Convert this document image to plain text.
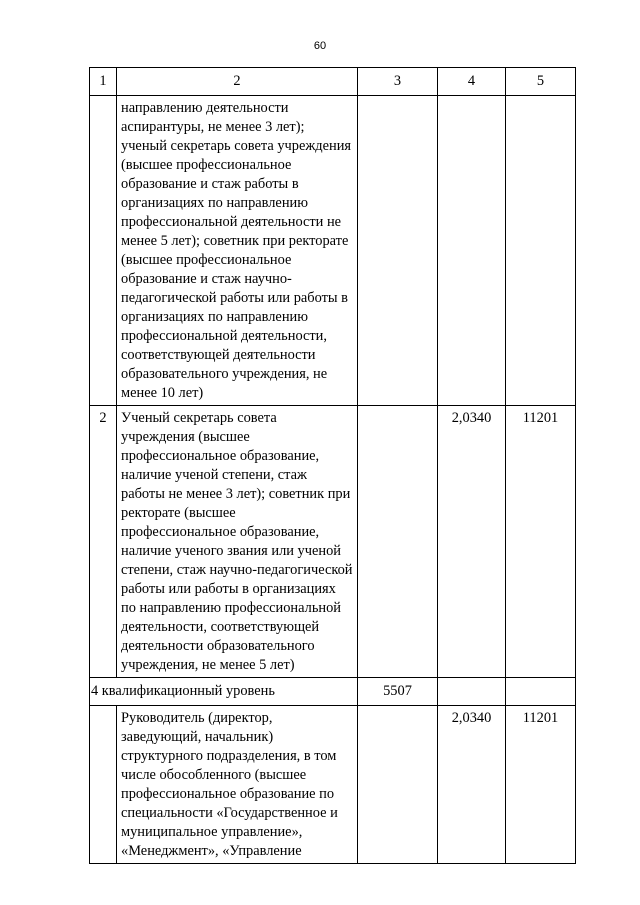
60
1	2	3	4	5
	направлению деятельности аспирантуры, не менее 3 лет); ученый секретарь совета учреждения (высшее профессиональное образование и стаж работы в организациях по направлению профессиональной деятельности не менее 5 лет); советник при ректорате (высшее профессиональное образование и стаж научно-педагогической работы или работы в организациях по направлению профессиональной деятельности, соответствующей деятельности образовательного учреждения, не менее 10 лет)			
2	Ученый секретарь совета учреждения (высшее профессиональное образование, наличие ученой степени, стаж работы не менее 3 лет); советник при ректорате (высшее профессиональное образование, наличие ученого звания или ученой степени, стаж научно-педагогической работы или работы в организациях по направлению профессиональной деятельности, соответствующей деятельности образовательного учреждения, не менее 5 лет)		2,0340	11201
4 квалификационный уровень		5507		
	Руководитель (директор, заведующий, начальник) структурного подразделения, в том числе обособленного (высшее профессиональное образование по специальности «Государственное и муниципальное управление», «Менеджмент», «Управление		2,0340	11201
